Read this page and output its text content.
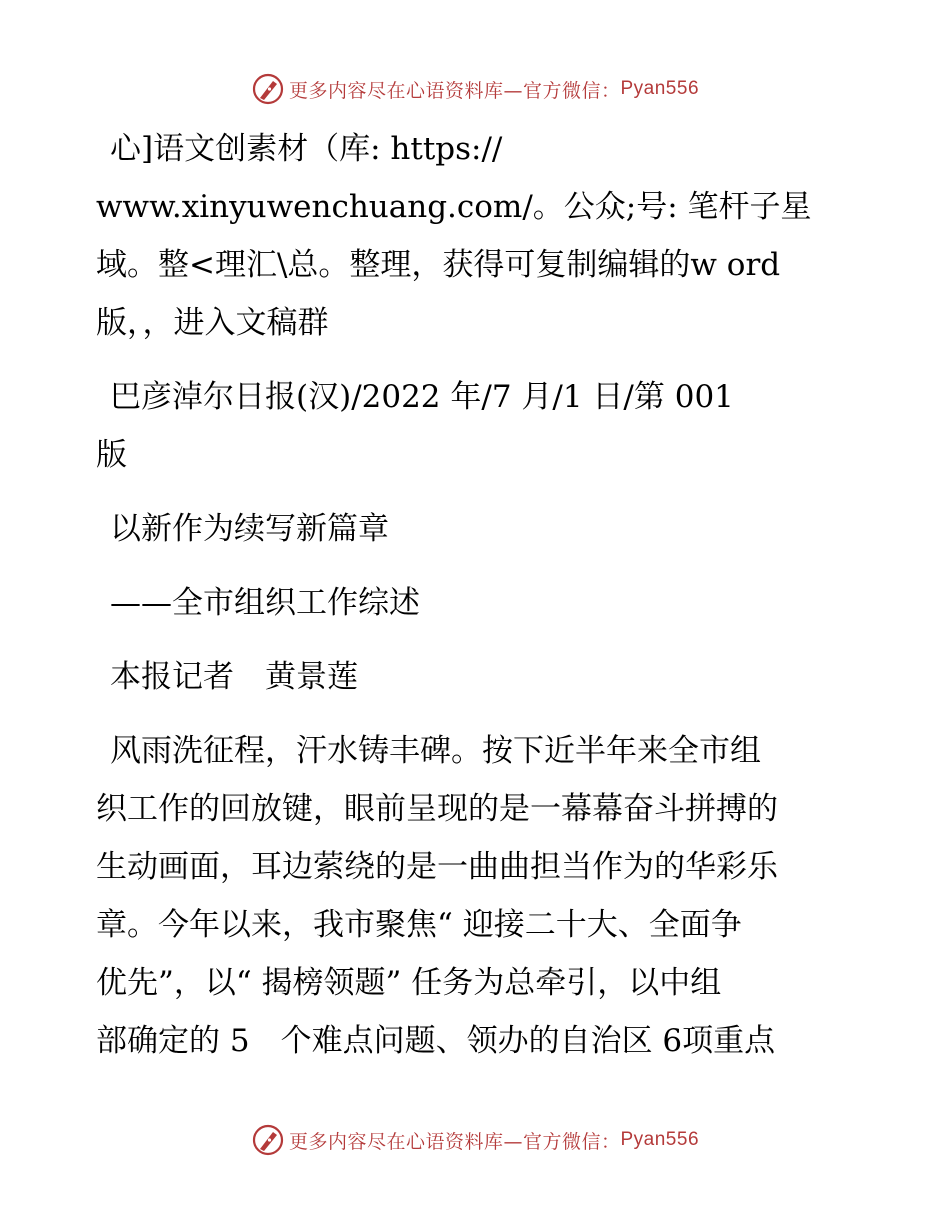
更多内容尽在心语资料库—官方微信： Pyan556

心]语文创素材（库: https://

www.xinyuwenchuang.com/。公众;号: 笔杆子星

域。整<理汇\总。整理，获得可复制编辑的w ord

版，，进入文稿群

巴彦淖尔日报(汉)/2022 年/7 月/1 日/第 001

版

以新作为续写新篇章

——全市组织工作综述

本报记者　黄景莲

风雨洗征程，汗水铸丰碑。按下近半年来全市组

织工作的回放键，眼前呈现的是一幕幕奋斗拼搏的

生动画面，耳边萦绕的是一曲曲担当作为的华彩乐

章。今年以来，我市聚焦“ 迎接二十大、全面争

优先”，以“ 揭榜领题” 任务为总牵引，以中组

部确定的 5　个难点问题、领办的自治区 6项重点

更多内容尽在心语资料库—官方微信： Pyan556
